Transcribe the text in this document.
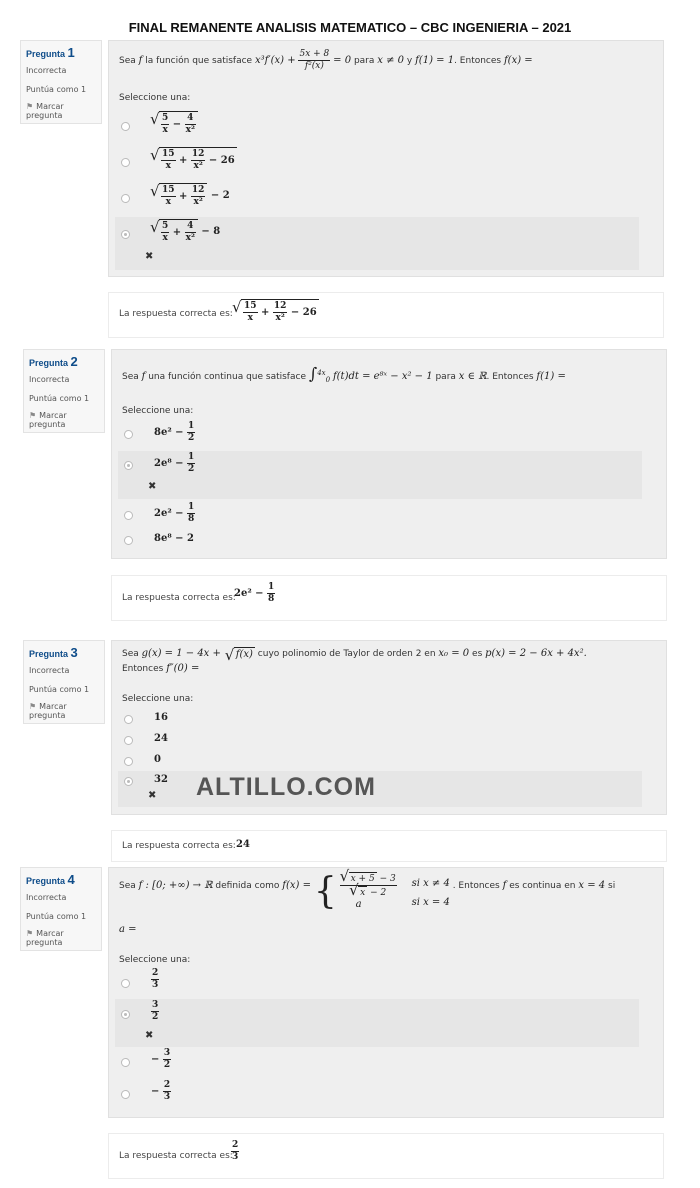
FINAL REMANENTE ANALISIS MATEMATICO – CBC INGENIERIA – 2021
Pregunta 1
Incorrecta
Puntúa como 1
⚑ Marcar pregunta
Sea f la función que satisface $x^3f'(x) + \frac{5x + 8}{\text{f²(x)}} = 0$ para x ≠ 0 y f(1) = 1. Entonces f(x) =
Seleccione una:
√ $\frac{5}{x} - \frac{4}{\text{x²}}$
√ $\frac{15}{x} + \frac{12}{\text{x²}} - 26$
√ $\frac{15}{x} + \frac{12}{\text{x²}} - 2$
√ $\frac{5}{x} + \frac{4}{\text{x²}} - 8$
✖
La respuesta correcta es: √ $\frac{15}{x} + \frac{12}{\text{x²}} - 26$
Pregunta 2
Incorrecta
Puntúa como 1
⚑ Marcar pregunta
Sea f una función continua que satisface ∫$^{4x}_0$ f(t)dt = e⁸ˣ − x² − 1 para x ∈ ℝ. Entonces f(1) =
Seleccione una:
$8e^2 - \frac{1}{2}$
$2e^8 - \frac{1}{2}$
✖
$2e^2 - \frac{1}{8}$
8e⁸ − 2
La respuesta correcta es:
$2e^2 - \frac{1}{8}$
Pregunta 3
Incorrecta
Puntúa como 1
⚑ Marcar pregunta
Sea g(x) = 1 − 4x + √ f(x) cuyo polinomio de Taylor de orden 2 en x₀ = 0 es p(x) = 2 − 6x + 4x².
Entonces f″(0) =
Seleccione una:
16
24
0
32
✖ ALTILLO.COM
La respuesta correcta es: 24
Pregunta 4
Incorrecta
Puntúa como 1
⚑ Marcar pregunta
Sea f : [0; +∞) → ℝ definida como f(x) = {	√ x + 5 − 3
√ x − 2
a

si x ≠ 4
si x = 4
. Entonces f es continua en x = 4 si
a =
Seleccione una:
$\frac{2}{3}$
$\frac{3}{2}$
✖
− $\frac{3}{2}$
− $\frac{2}{3}$
La respuesta correcta es:
$\frac{2}{3}$
